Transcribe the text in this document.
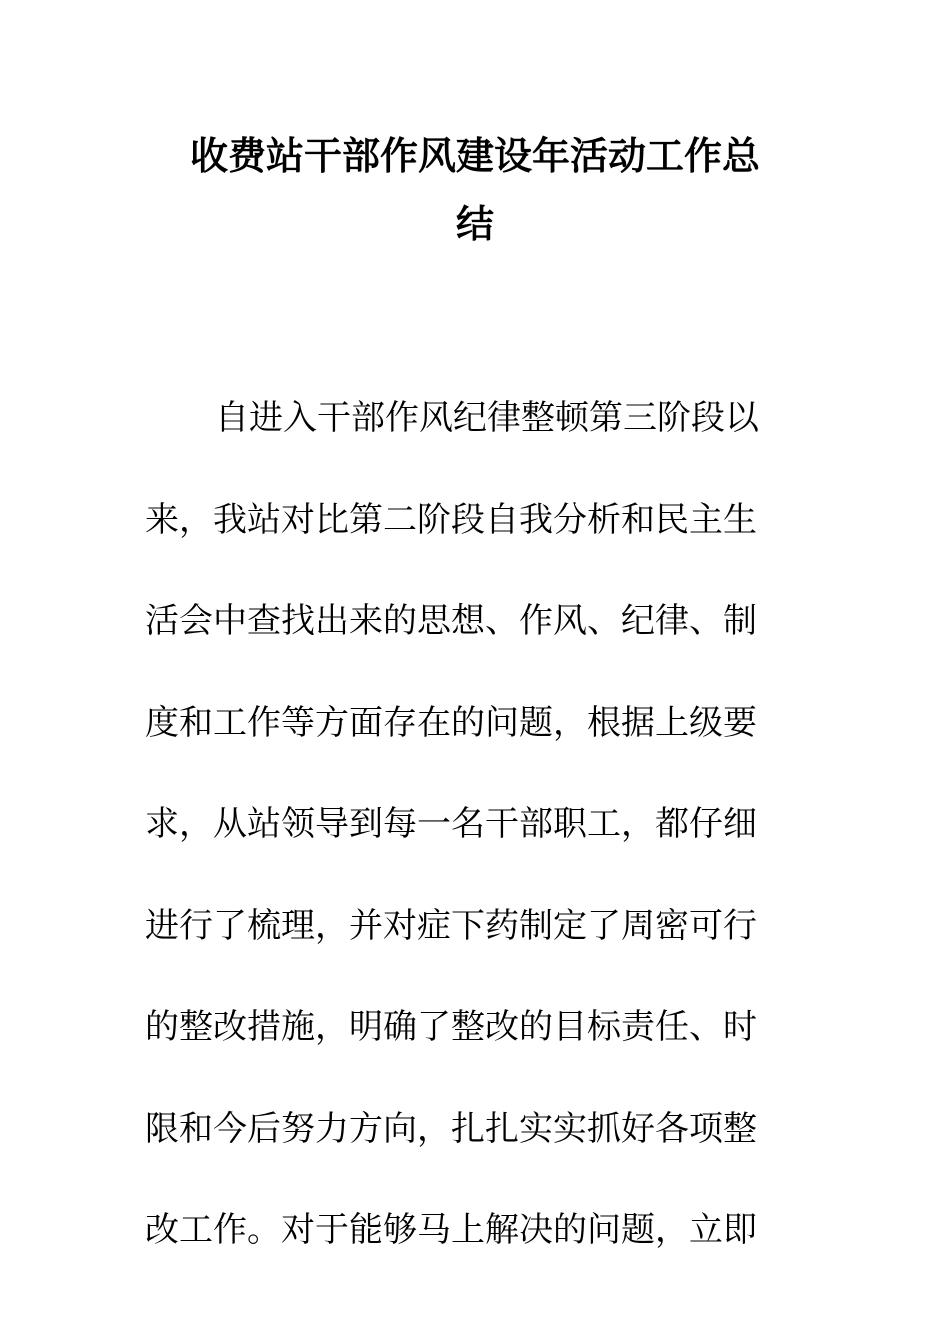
收费站干部作风建设年活动工作总
结
自进入干部作风纪律整顿第三阶段以
来，我站对比第二阶段自我分析和民主生
活会中查找出来的思想、作风、纪律、制
度和工作等方面存在的问题，根据上级要
求，从站领导到每一名干部职工，都仔细
进行了梳理，并对症下药制定了周密可行
的整改措施，明确了整改的目标责任、时
限和今后努力方向，扎扎实实抓好各项整
改工作。对于能够马上解决的问题，立即
